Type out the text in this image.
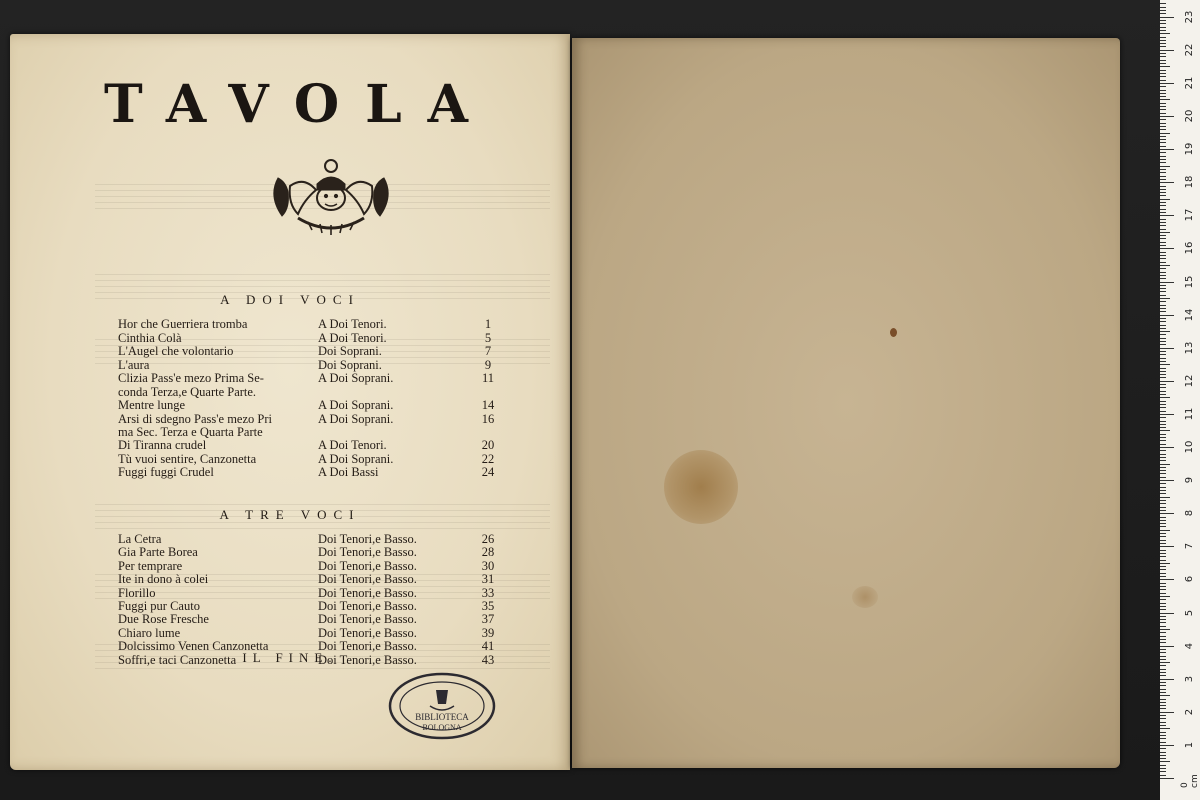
TAVOLA
A DOI VOCI
Hor che Guerriera tromba	A Doi Tenori.	1
Cinthia Colà	A Doi Tenori.	5
L'Augel che volontario	Doi Soprani.	7
L'aura	Doi Soprani.	9
Clizia Pass'e mezo Prima Se-	A Doi Soprani.	11
conda Terza,e Quarte Parte.
Mentre lunge	A Doi Soprani.	14
Arsi di sdegno Pass'e mezo Pri	A Doi Soprani.	16
ma Sec. Terza e Quarta Parte
Di Tiranna crudel	A Doi Tenori.	20
Tù vuoi sentire, Canzonetta	A Doi Soprani.	22
Fuggi fuggi Crudel	A Doi Bassi	24
A TRE VOCI
La Cetra	Doi Tenori,e Basso.	26
Gia Parte Borea	Doi Tenori,e Basso.	28
Per temprare	Doi Tenori,e Basso.	30
Ite in dono à colei	Doi Tenori,e Basso.	31
Florillo	Doi Tenori,e Basso.	33
Fuggi pur Cauto	Doi Tenori,e Basso.	35
Due Rose Fresche	Doi Tenori,e Basso.	37
Chiaro lume	Doi Tenori,e Basso.	39
Dolcissimo Venen Canzonetta	Doi Tenori,e Basso.	41
Soffri,e taci Canzonetta	Doi Tenori,e Basso.	43
IL FINE.
BIBLIOTECA
BOLOGNA
1
2
3
4
5
6
7
8
9
10
11
12
13
14
15
16
17
18
19
20
21
22
23
0 cm
